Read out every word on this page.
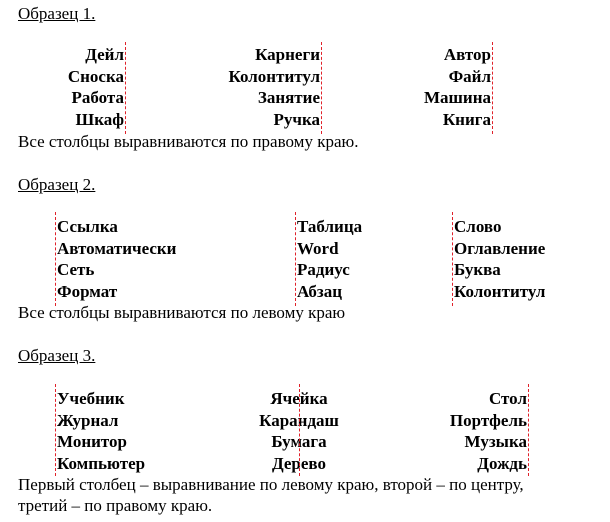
Образец 1.
Дейл
Сноска
Работа
Шкаф
Карнеги
Колонтитул
Занятие
Ручка
Автор
Файл
Машина
Книга
Все столбцы выравниваются по правому краю.
Образец 2.
Ссылка
Автоматически
Сеть
Формат
Таблица
Word
Радиус
Абзац
Слово
Оглавление
Буква
Колонтитул
Все столбцы выравниваются по левому краю
Образец 3.
Учебник
Журнал
Монитор
Компьютер
Ячейка
Карандаш
Бумага
Дерево
Стол
Портфель
Музыка
Дождь
Первый столбец – выравнивание по левому краю, второй – по центру,
третий – по правому краю.
